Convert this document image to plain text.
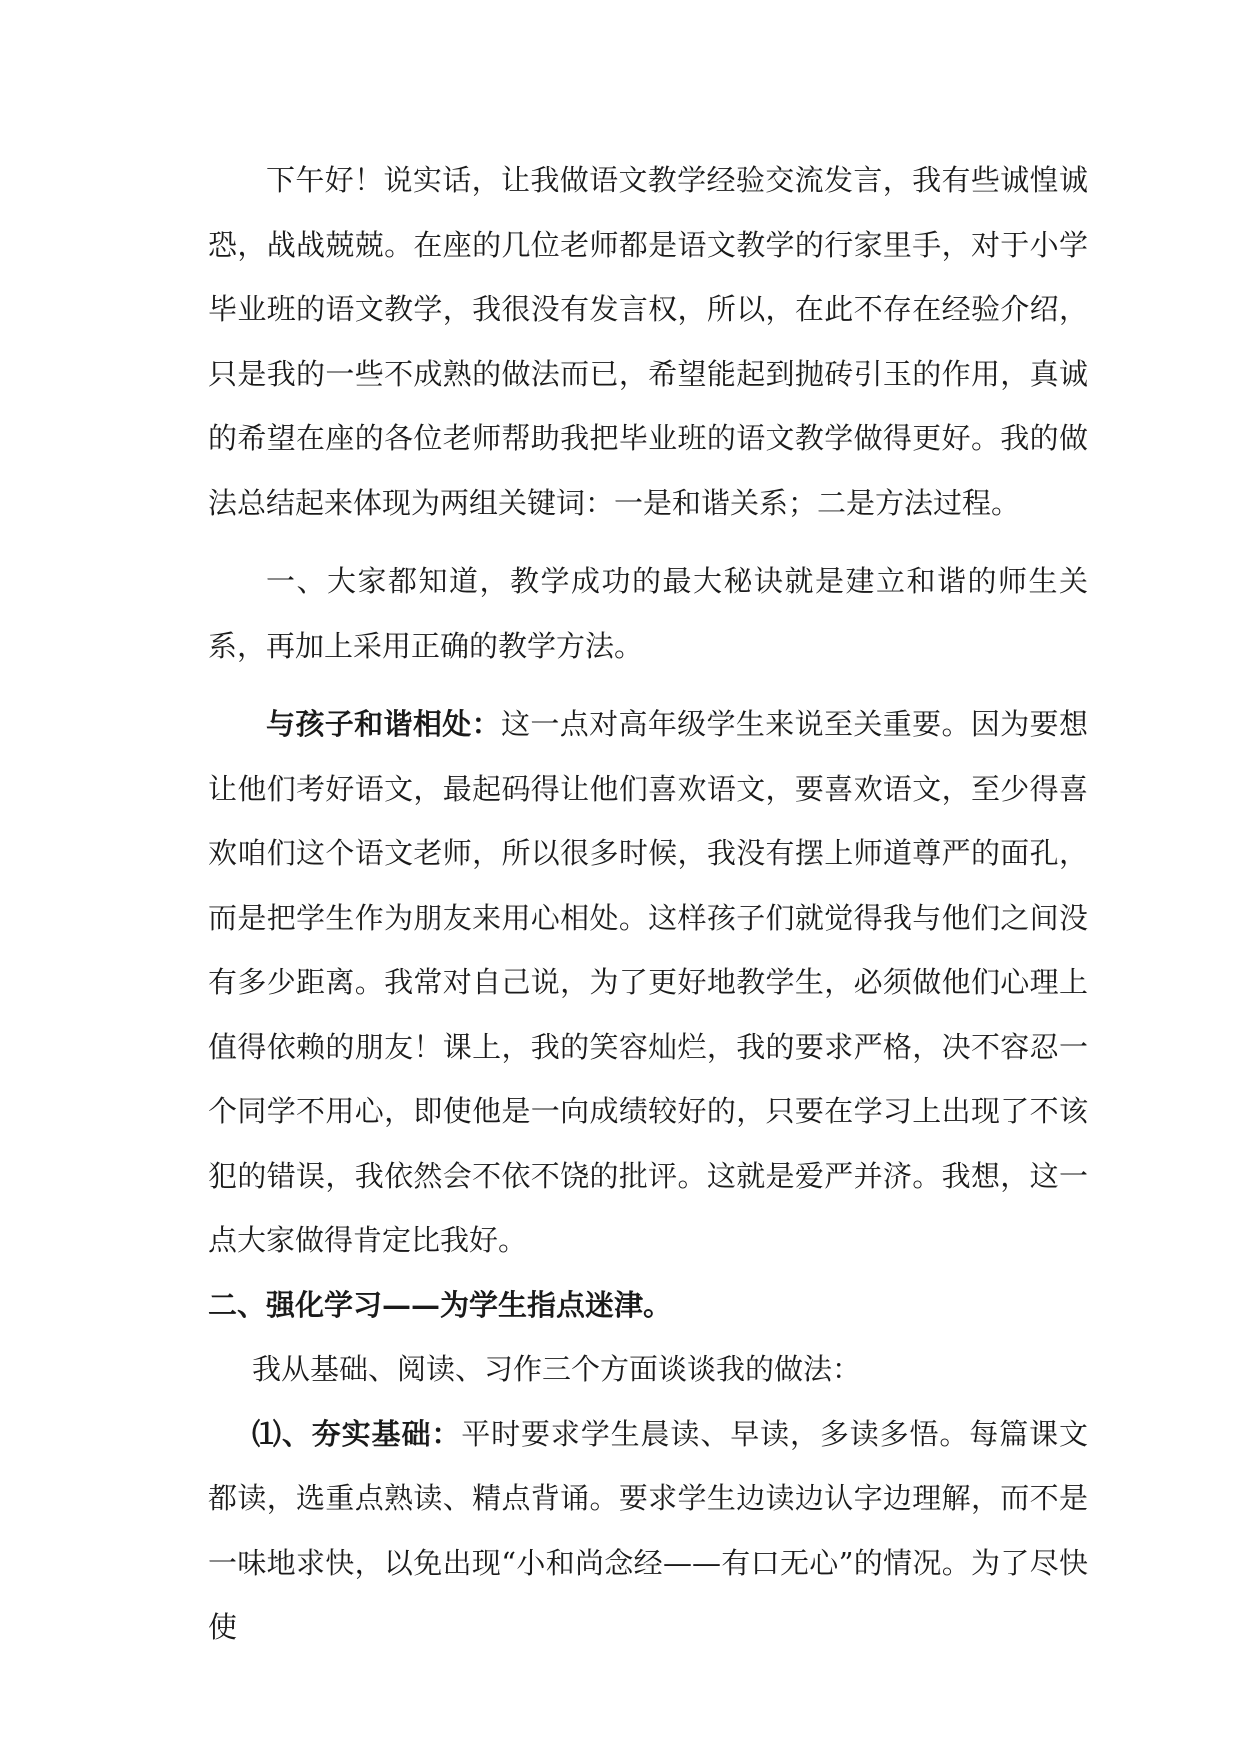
下午好！说实话，让我做语文教学经验交流发言，我有些诚惶诚恐，战战兢兢。在座的几位老师都是语文教学的行家里手，对于小学毕业班的语文教学，我很没有发言权，所以，在此不存在经验介绍，只是我的一些不成熟的做法而已，希望能起到抛砖引玉的作用，真诚的希望在座的各位老师帮助我把毕业班的语文教学做得更好。我的做法总结起来体现为两组关键词：一是和谐关系；二是方法过程。

一、大家都知道，教学成功的最大秘诀就是建立和谐的师生关系，再加上采用正确的教学方法。

与孩子和谐相处：这一点对高年级学生来说至关重要。因为要想让他们考好语文，最起码得让他们喜欢语文，要喜欢语文，至少得喜欢咱们这个语文老师，所以很多时候，我没有摆上师道尊严的面孔，而是把学生作为朋友来用心相处。这样孩子们就觉得我与他们之间没有多少距离。我常对自己说，为了更好地教学生，必须做他们心理上值得依赖的朋友！课上，我的笑容灿烂，我的要求严格，决不容忍一个同学不用心，即使他是一向成绩较好的，只要在学习上出现了不该犯的错误，我依然会不依不饶的批评。这就是爱严并济。我想，这一点大家做得肯定比我好。

二、强化学习——为学生指点迷津。

我从基础、阅读、习作三个方面谈谈我的做法：

⑴、夯实基础：平时要求学生晨读、早读，多读多悟。每篇课文都读，选重点熟读、精点背诵。要求学生边读边认字边理解，而不是一味地求快，以免出现“小和尚念经——有口无心”的情况。为了尽快使
